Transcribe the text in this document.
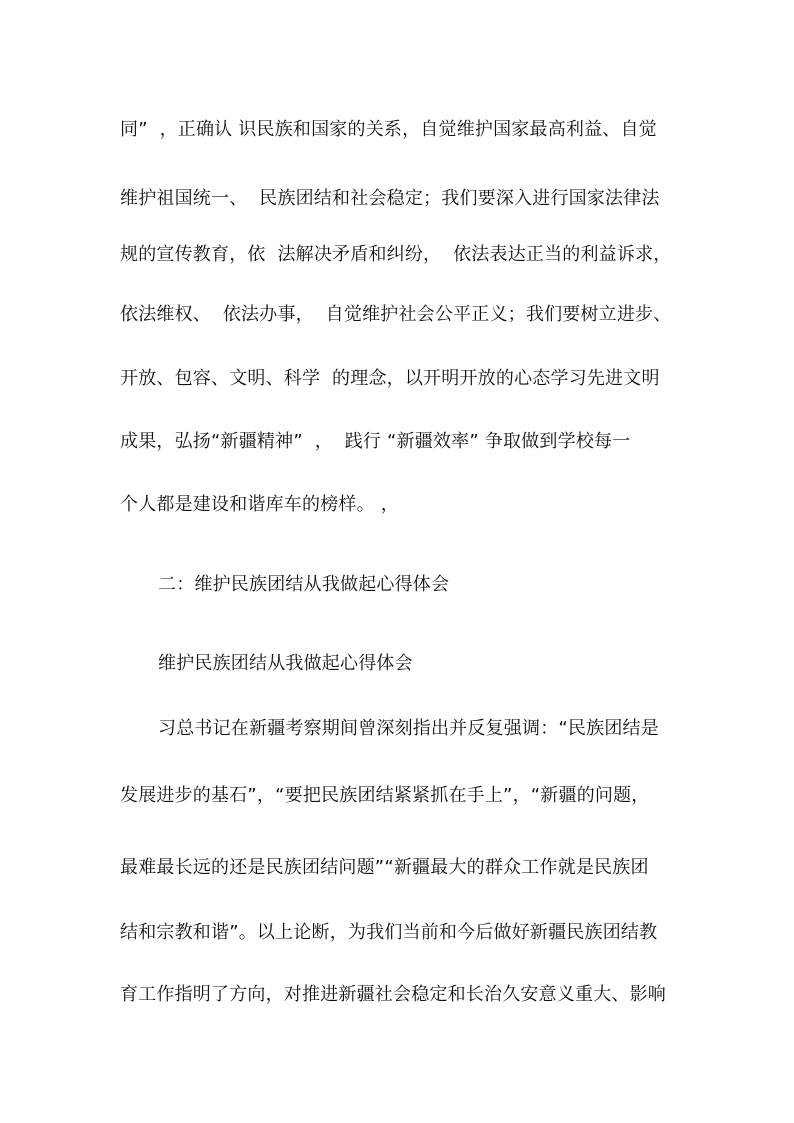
同”  ，正确认 识民族和国家的关系，自觉维护国家最高利益、自觉
维护祖国统一、  民族团结和社会稳定；我们要深入进行国家法律法
规的宣传教育，依  法解决矛盾和纠纷，  依法表达正当的利益诉求，
依法维权、  依法办事，  自觉维护社会公平正义；我们要树立进步、
开放、包容、文明、科学  的理念，以开明开放的心态学习先进文明
成果，弘扬“新疆精神”  ，  践行 “新疆效率” 争取做到学校每一
个人都是建设和谐库车的榜样。 ，
二：维护民族团结从我做起心得体会
维护民族团结从我做起心得体会
习总书记在新疆考察期间曾深刻指出并反复强调：“民族团结是
发展进步的基石”，“要把民族团结紧紧抓在手上”，“新疆的问题，
最难最长远的还是民族团结问题”“新疆最大的群众工作就是民族团
结和宗教和谐”。以上论断，为我们当前和今后做好新疆民族团结教
育工作指明了方向，对推进新疆社会稳定和长治久安意义重大、影响
